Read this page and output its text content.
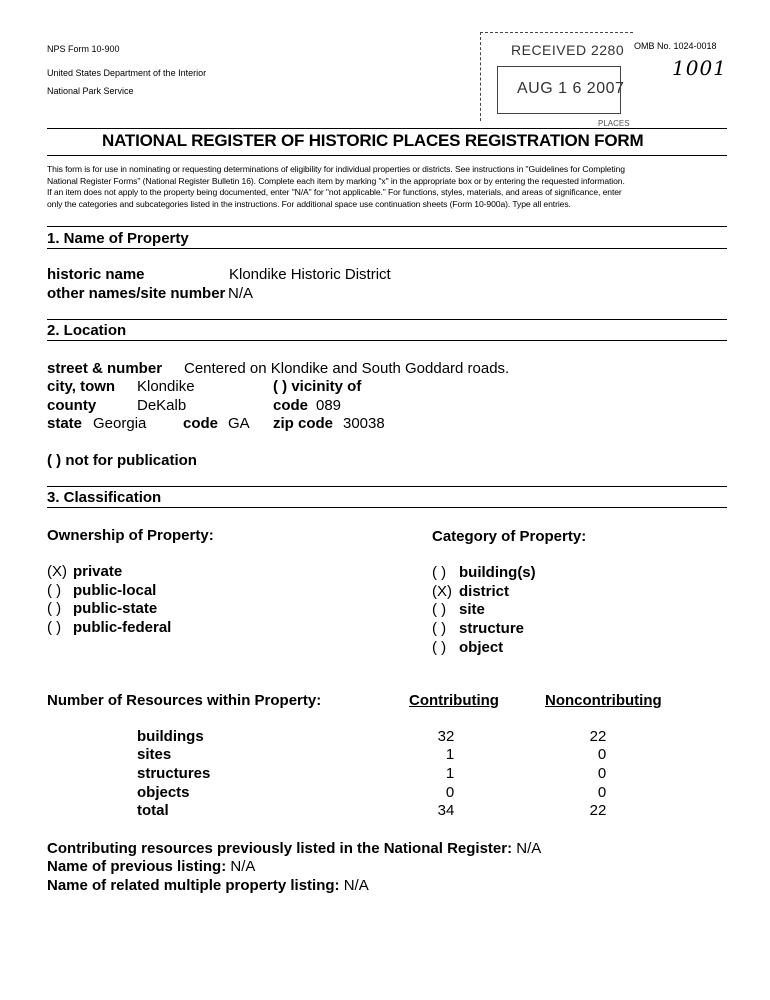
NPS Form 10-900
United States Department of the Interior
National Park Service
OMB No. 1024-0018
1001
RECEIVED 2280
AUG 1 6 2007
PLACES
NATIONAL REGISTER OF HISTORIC PLACES REGISTRATION FORM
This form is for use in nominating or requesting determinations of eligibility for individual properties or districts. See instructions in "Guidelines for Completing
National Register Forms" (National Register Bulletin 16). Complete each item by marking "x" in the appropriate box or by entering the requested information.
If an item does not apply to the property being documented, enter "N/A" for "not applicable." For functions, styles, materials, and areas of significance, enter
only the categories and subcategories listed in the instructions. For additional space use continuation sheets (Form 10-900a). Type all entries.
1. Name of Property
historic name	Klondike Historic District
other names/site number N/A
2. Location
street & number Centered on Klondike and South Goddard roads.
city, town Klondike	( ) vicinity of
county	DeKalb	code 089
state Georgia code GA zip code 30038
( ) not for publication
3. Classification
Ownership of Property:	Category of Property:
(X) private
( ) public-local
( ) public-state
( ) public-federal
( ) building(s)
(X) district
( ) site
( ) structure
( ) object
Number of Resources within Property:	Contributing	Noncontributing
buildings	32	22
sites	1	0
structures	1	0
objects	0	0
total	34	22
Contributing resources previously listed in the National Register: N/A
Name of previous listing: N/A
Name of related multiple property listing: N/A
